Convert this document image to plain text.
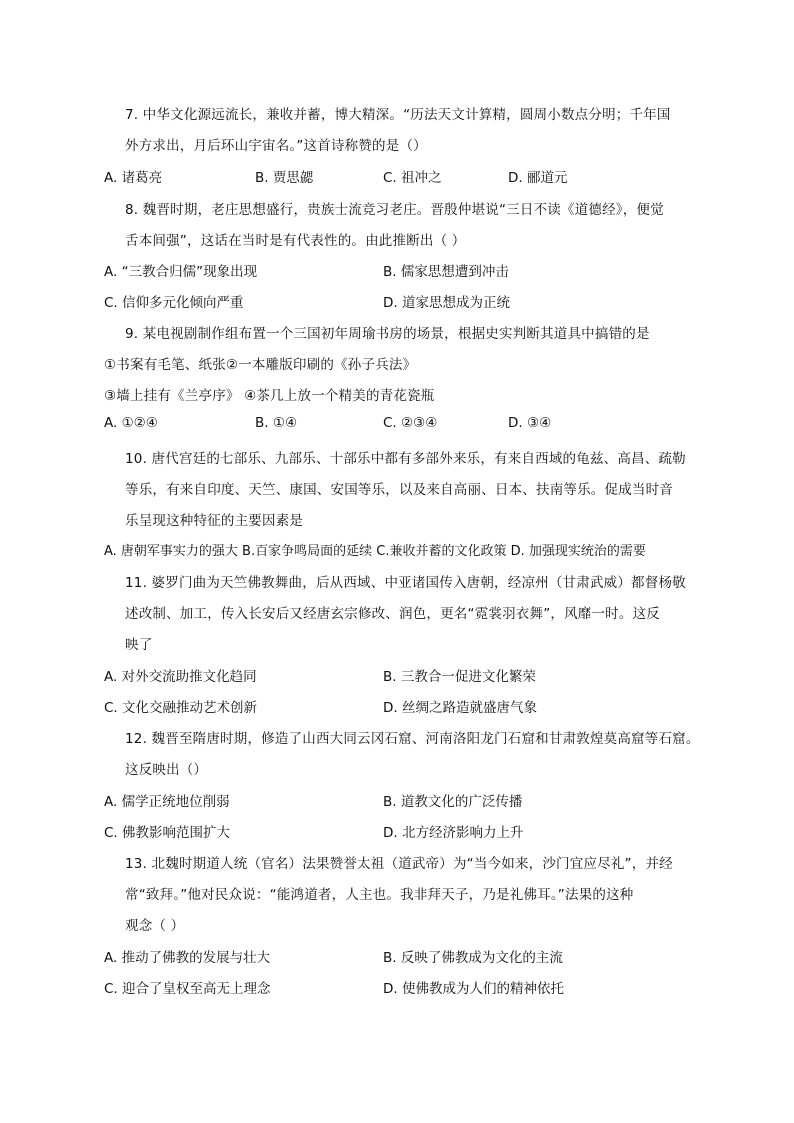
7. 中华文化源远流长，兼收并蓄，博大精深。“历法天文计算精，圆周小数点分明；千年国
外方求出，月后环山宇宙名。”这首诗称赞的是（）
A. 诸葛亮	B. 贾思勰	C. 祖冲之	D. 郦道元
8. 魏晋时期，老庄思想盛行，贵族士流竞习老庄。晋殷仲堪说“三日不读《道德经》，便觉
舌本间强”，这话在当时是有代表性的。由此推断出（ ）
A. “三教合归儒”现象出现	B. 儒家思想遭到冲击
C. 信仰多元化倾向严重	D. 道家思想成为正统
9. 某电视剧制作组布置一个三国初年周瑜书房的场景，根据史实判断其道具中搞错的是
①书案有毛笔、纸张②一本雕版印刷的《孙子兵法》
③墙上挂有《兰亭序》 ④茶几上放一个精美的青花瓷瓶
A. ①②④	B. ①④	C. ②③④	D. ③④
10. 唐代宫廷的七部乐、九部乐、十部乐中都有多部外来乐，有来自西域的龟兹、高昌、疏勒
等乐，有来自印度、天竺、康国、安国等乐，以及来自高丽、日本、扶南等乐。促成当时音
乐呈现这种特征的主要因素是
A. 唐朝军事实力的强大 B.百家争鸣局面的延续 C.兼收并蓄的文化政策 D. 加强现实统治的需要
11. 婆罗门曲为天竺佛教舞曲，后从西域、中亚诸国传入唐朝，经凉州（甘肃武威）都督杨敬
述改制、加工，传入长安后又经唐玄宗修改、润色，更名“霓裳羽衣舞”，风靡一时。这反
映了
A. 对外交流助推文化趋同	B. 三教合一促进文化繁荣
C. 文化交融推动艺术创新	D. 丝绸之路造就盛唐气象
12. 魏晋至隋唐时期，修造了山西大同云冈石窟、河南洛阳龙门石窟和甘肃敦煌莫高窟等石窟。
这反映出（）
A. 儒学正统地位削弱	B. 道教文化的广泛传播
C. 佛教影响范围扩大	D. 北方经济影响力上升
13. 北魏时期道人统（官名）法果赞誉太祖（道武帝）为“当今如来，沙门宜应尽礼”，并经
常“致拜。”他对民众说：“能鸿道者，人主也。我非拜天子，乃是礼佛耳。”法果的这种
观念（ ）
A. 推动了佛教的发展与壮大	B. 反映了佛教成为文化的主流
C. 迎合了皇权至高无上理念	D. 使佛教成为人们的精神依托
